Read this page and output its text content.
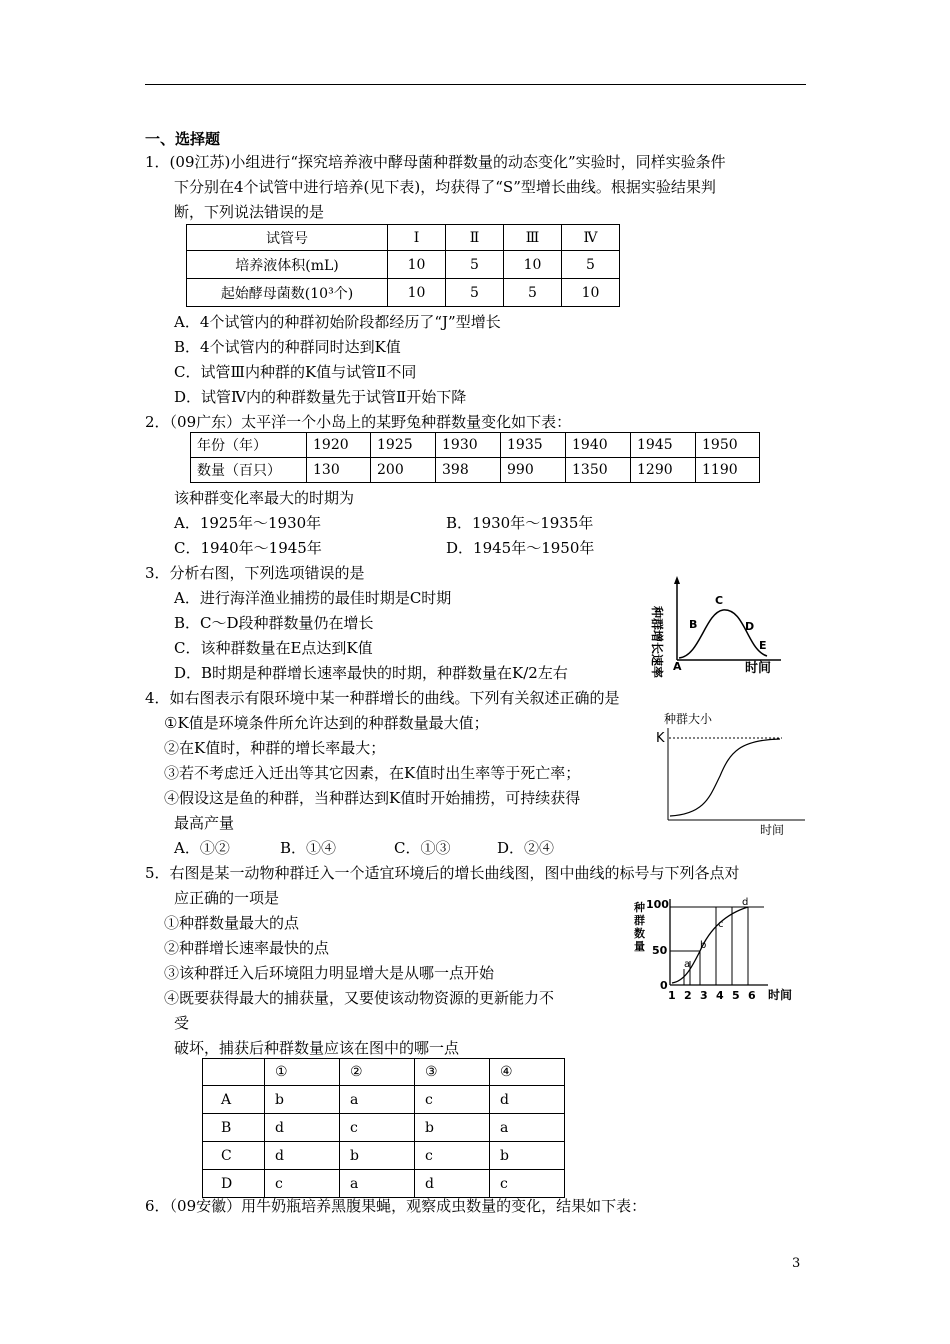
一、选择题
1．(09江苏)小组进行“探究培养液中酵母菌种群数量的动态变化”实验时，同样实验条件
下分别在4个试管中进行培养(见下表)，均获得了“S”型增长曲线。根据实验结果判
断，下列说法错误的是
试管号	I	Ⅱ	Ⅲ	Ⅳ
培养液体积(mL)	10	5	10	5
起始酵母菌数(10³个)	10	5	5	10
A．4个试管内的种群初始阶段都经历了“J”型增长
B．4个试管内的种群同时达到K值
C．试管Ⅲ内种群的K值与试管Ⅱ不同
D．试管Ⅳ内的种群数量先于试管Ⅱ开始下降
2．（09广东）太平洋一个小岛上的某野兔种群数量变化如下表：
年份（年）	1920	1925	1930	1935	1940	1945	1950
数量（百只）	130	200	398	990	1350	1290	1190
该种群变化率最大的时期为
A．1925年～1930年	B．1930年～1935年
C．1940年～1945年	D．1945年～1950年
3．分析右图，下列选项错误的是
A．进行海洋渔业捕捞的最佳时期是C时期
B．C～D段种群数量仍在增长
C．该种群数量在E点达到K值
D．B时期是种群增长速率最快的时期，种群数量在K/2左右	种群增长速率 A
B
C
D
E
时间
4．如右图表示有限环境中某一种群增长的曲线。下列有关叙述正确的是
①K值是环境条件所允许达到的种群数量最大值；
②在K值时，种群的增长率最大；
③若不考虑迁入迁出等其它因素，在K值时出生率等于死亡率；
④假设这是鱼的种群，当种群达到K值时开始捕捞，可持续获得
最高产量
A．①②	B．①④	C．①③	D．②④
种群大小
K
时间
5．右图是某一动物种群迁入一个适宜环境后的增长曲线图，图中曲线的标号与下列各点对
应正确的一项是
①种群数量最大的点
②种群增长速率最快的点
③该种群迁入后环境阻力明显增大是从哪一点开始
④既要获得最大的捕获量，又要使该动物资源的更新能力不
受
破坏，捕获后种群数量应该在图中的哪一点
种
群
数
量
0
50
100
a
b
c
d
1 2 3 4 5 6 时间
	①	②	③	④
A	b	a	c	d
B	d	c	b	a
C	d	b	c	b
D	c	a	d	c
6．（09安徽）用牛奶瓶培养黑腹果蝇，观察成虫数量的变化，结果如下表：
3
